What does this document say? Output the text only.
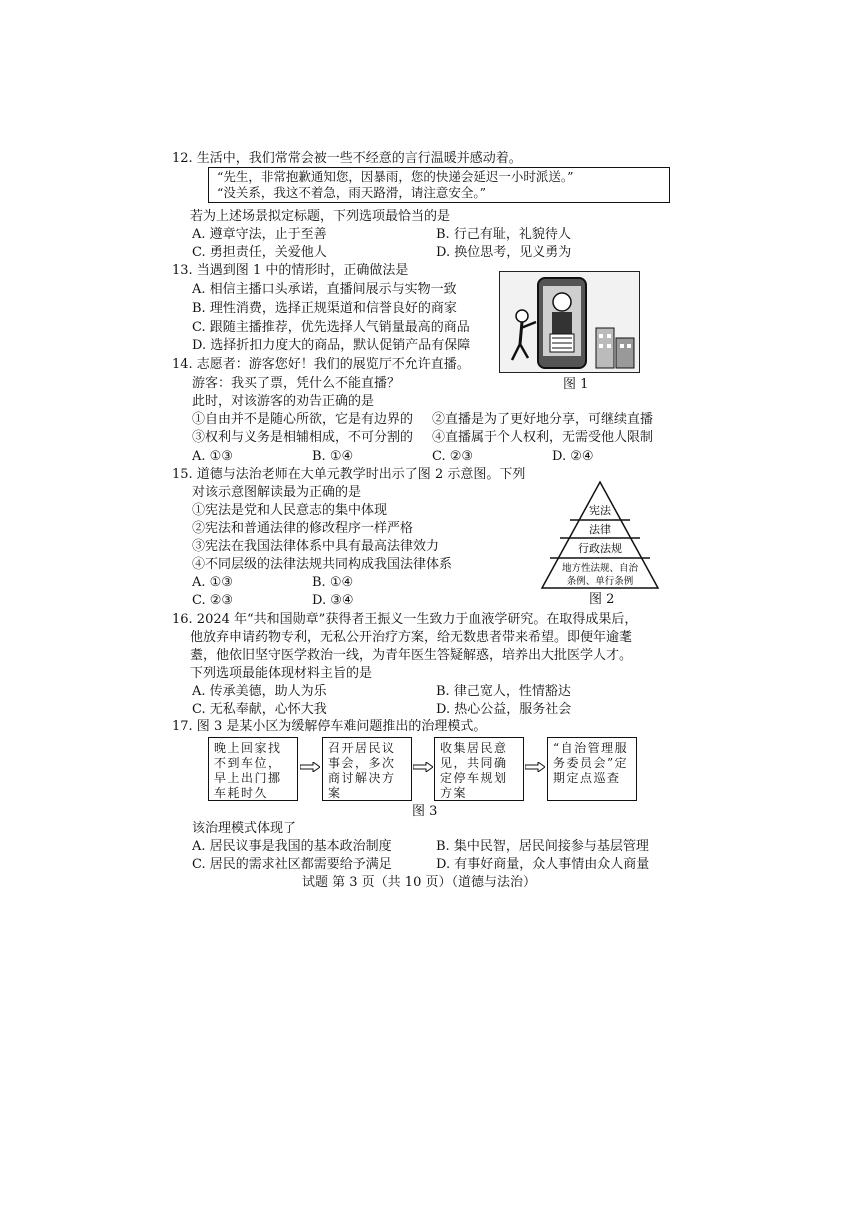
12. 生活中，我们常常会被一些不经意的言行温暖并感动着。
“先生，非常抱歉通知您，因暴雨，您的快递会延迟一小时派送。”
“没关系，我这不着急，雨天路滑，请注意安全。”
若为上述场景拟定标题，下列选项最恰当的是
A. 遵章守法，止于至善	B. 行己有耻，礼貌待人
C. 勇担责任，关爱他人	D. 换位思考，见义勇为
13. 当遇到图 1 中的情形时，正确做法是
A. 相信主播口头承诺，直播间展示与实物一致
B. 理性消费，选择正规渠道和信誉良好的商家
C. 跟随主播推荐，优先选择人气销量最高的商品
D. 选择折扣力度大的商品，默认促销产品有保障
图 1
14. 志愿者：游客您好！我们的展览厅不允许直播。
游客：我买了票，凭什么不能直播？
此时，对该游客的劝告正确的是
①自由并不是随心所欲，它是有边界的 ②直播是为了更好地分享，可继续直播
③权利与义务是相辅相成，不可分割的 ④直播属于个人权利，无需受他人限制
A. ①③	B. ①④	C. ②③	D. ②④
15. 道德与法治老师在大单元教学时出示了图 2 示意图。下列
对该示意图解读最为正确的是
①宪法是党和人民意志的集中体现
②宪法和普通法律的修改程序一样严格
③宪法在我国法律体系中具有最高法律效力
④不同层级的法律法规共同构成我国法律体系
A. ①③	B. ①④
C. ②③	D. ③④
宪法
法律
行政法规
地方性法规、自治
条例、单行条例
图 2
16. 2024 年“共和国勋章”获得者王振义一生致力于血液学研究。在取得成果后，
他放弃申请药物专利，无私公开治疗方案，给无数患者带来希望。即便年逾耄
耋，他依旧坚守医学救治一线，为青年医生答疑解惑，培养出大批医学人才。
下列选项最能体现材料主旨的是
A. 传承美德，助人为乐	B. 律己宽人，性情豁达
C. 无私奉献，心怀大我	D. 热心公益，服务社会
17. 图 3 是某小区为缓解停车难问题推出的治理模式。
晚上回家找不到车位，早上出门挪车耗时久
召开居民议事会，多次商讨解决方案
收集居民意见，共同确定停车规划方案
“自治管理服务委员会”定期定点巡查
图 3
该治理模式体现了
A. 居民议事是我国的基本政治制度	B. 集中民智，居民间接参与基层管理
C. 居民的需求社区都需要给予满足	D. 有事好商量，众人事情由众人商量
试题 第 3 页（共 10 页）（道德与法治）
